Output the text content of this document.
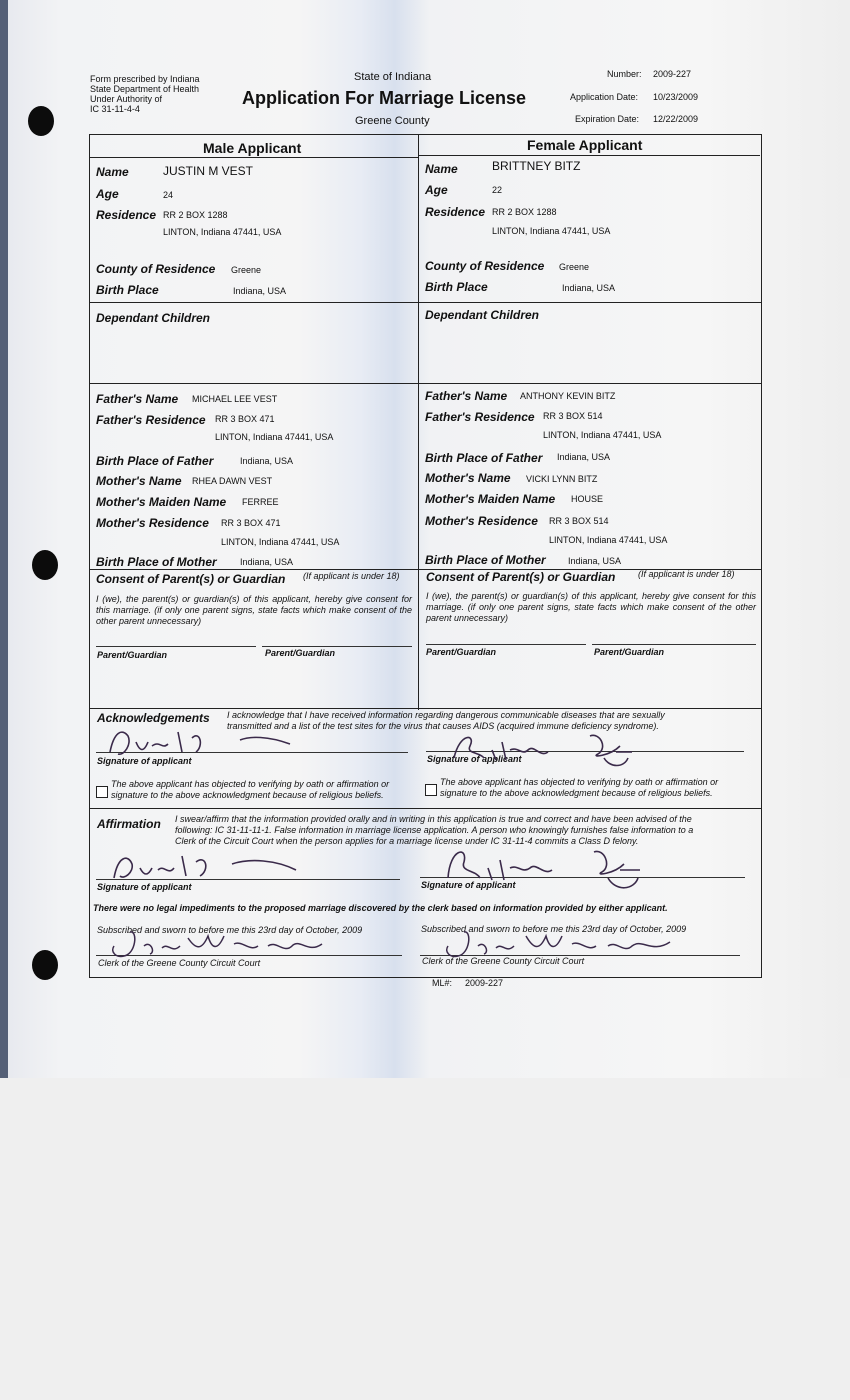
Form prescribed by Indiana
State Department of Health
Under Authority of
IC 31-11-4-4
State of Indiana
Application For Marriage License
Greene County
Number: 2009-227
Application Date: 10/23/2009
Expiration Date: 12/22/2009
Male Applicant	Female Applicant
Name	JUSTIN M VEST
Age	24
Residence RR 2 BOX 1288
LINTON, Indiana 47441, USA
County of Residence Greene
Birth Place	Indiana, USA
Dependant Children
Father's Name MICHAEL LEE VEST
Father's Residence RR 3 BOX 471
LINTON, Indiana 47441, USA
Birth Place of Father	Indiana, USA
Mother's Name RHEA DAWN VEST
Mother's Maiden Name FERREE
Mother's Residence RR 3 BOX 471
LINTON, Indiana 47441, USA
Birth Place of Mother	Indiana, USA
Name	BRITTNEY BITZ
Age	22
Residence RR 2 BOX 1288
LINTON, Indiana 47441, USA
County of Residence Greene
Birth Place	Indiana, USA
Dependant Children
Father's Name ANTHONY KEVIN BITZ
Father's Residence RR 3 BOX 514
LINTON, Indiana 47441, USA
Birth Place of Father Indiana, USA
Mother's Name VICKI LYNN BITZ
Mother's Maiden Name HOUSE
Mother's Residence RR 3 BOX 514
LINTON, Indiana 47441, USA
Birth Place of Mother Indiana, USA
Consent of Parent(s) or Guardian (If applicant is under 18)
I (we), the parent(s) or guardian(s) of this applicant, hereby give consent for this marriage. (if only one parent signs, state facts which make consent of the other parent unnecessary)
Parent/Guardian	Parent/Guardian
Consent of Parent(s) or Guardian	(If applicant is under 18)
I (we), the parent(s) or guardian(s) of this applicant, hereby give consent for this marriage. (if only one parent signs, state facts which make consent of the other parent unnecessary)
Parent/Guardian	Parent/Guardian
Acknowledgements I acknowledge that I have received information regarding dangerous communicable diseases that are sexually
transmitted and a list of the test sites for the virus that causes AIDS (acquired immune deficiency syndrome).
Signature of applicant	Signature of applicant
The above applicant has objected to verifying by oath or affirmation or signature to the above acknowledgment because of religious beliefs.
The above applicant has objected to verifying by oath or affirmation or signature to the above acknowledgment because of religious beliefs.
Affirmation I swear/affirm that the information provided orally and in writing in this application is true and correct and have been advised of the
following: IC 31-11-11-1. False information in marriage license application. A person who knowingly furnishes false information to a
Clerk of the Circuit Court when the person applies for a marriage license under IC 31-11-4 commits a Class D felony.
Signature of applicant	Signature of applicant
There were no legal impediments to the proposed marriage discovered by the clerk based on information provided by either applicant.
Subscribed and sworn to before me this 23rd day of October, 2009	Subscribed and sworn to before me this 23rd day of October, 2009
Clerk of the Greene County Circuit Court	Clerk of the Greene County Circuit Court
ML#: 2009-227
